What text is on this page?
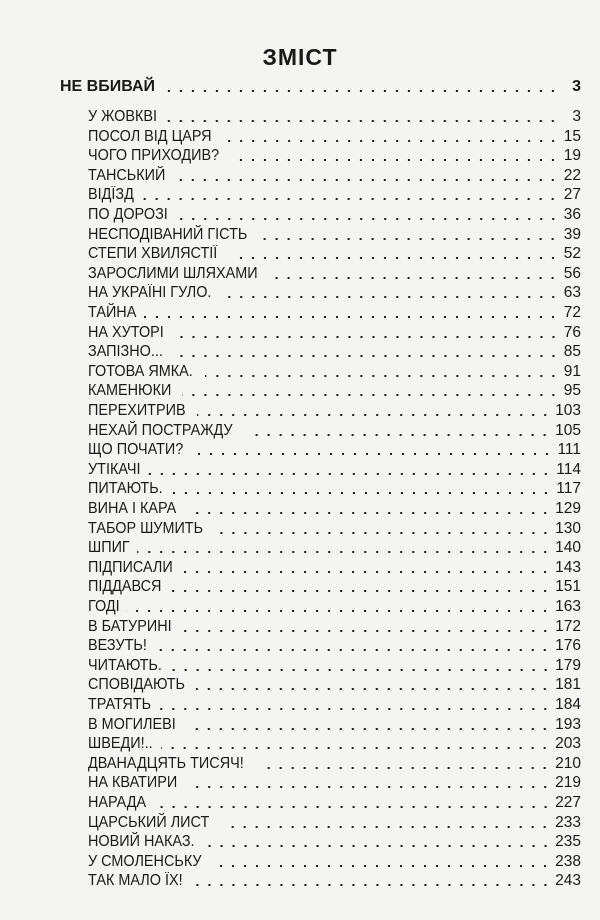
ЗМІСТ
НЕ ВБИВАЙ	3
У ЖОВКВІ	3
ПОСОЛ ВІД ЦАРЯ	15
ЧОГО ПРИХОДИВ?	19
ТАНСЬКИЙ	22
ВІДЇЗД	27
ПО ДОРОЗІ	36
НЕСПОДІВАНИЙ ГІСТЬ	39
СТЕПИ ХВИЛЯСТІЇ	52
ЗАРОСЛИМИ ШЛЯХАМИ	56
НА УКРАЇНІ ГУЛО.	63
ТАЙНА	72
НА ХУТОРІ	76
ЗАПІЗНО...	85
ГОТОВА ЯМКА.	91
КАМЕНЮКИ	95
ПЕРЕХИТРИВ	103
НЕХАЙ ПОСТРАЖДУ	105
ЩО ПОЧАТИ?	111
УТІКАЧІ	114
ПИТАЮТЬ.	117
ВИНА І КАРА	129
ТАБОР ШУМИТЬ	130
ШПИГ	140
ПІДПИСАЛИ	143
ПІДДАВСЯ	151
ГОДІ	163
В БАТУРИНІ	172
ВЕЗУТЬ!	176
ЧИТАЮТЬ.	179
СПОВІДАЮТЬ	181
ТРАТЯТЬ	184
В МОГИЛЕВІ	193
ШВЕДИ!..	203
ДВАНАДЦЯТЬ ТИСЯЧ!	210
НА КВАТИРИ	219
НАРАДА	227
ЦАРСЬКИЙ ЛИСТ	233
НОВИЙ НАКАЗ.	235
У СМОЛЕНСЬКУ	238
ТАК МАЛО ЇХ!	243
